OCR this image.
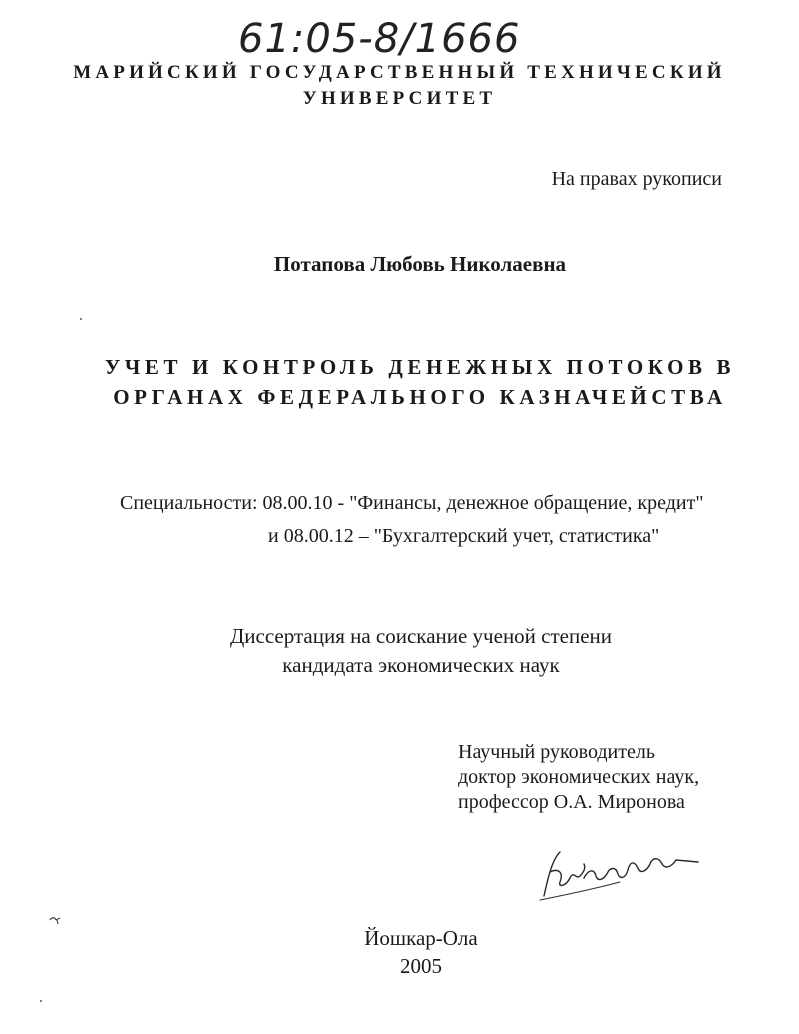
61:05-8/1666
МАРИЙСКИЙ ГОСУДАРСТВЕННЫЙ ТЕХНИЧЕСКИЙ
УНИВЕРСИТЕТ
На правах рукописи
Потапова Любовь Николаевна
УЧЕТ И КОНТРОЛЬ ДЕНЕЖНЫХ ПОТОКОВ В
ОРГАНАХ ФЕДЕРАЛЬНОГО КАЗНАЧЕЙСТВА
Специальности: 08.00.10 - "Финансы, денежное обращение, кредит"
и 08.00.12 – "Бухгалтерский учет, статистика"
Диссертация на соискание ученой степени
кандидата экономических наук
Научный руководитель
доктор экономических наук,
профессор О.А. Миронова
Йошкар-Ола
2005
